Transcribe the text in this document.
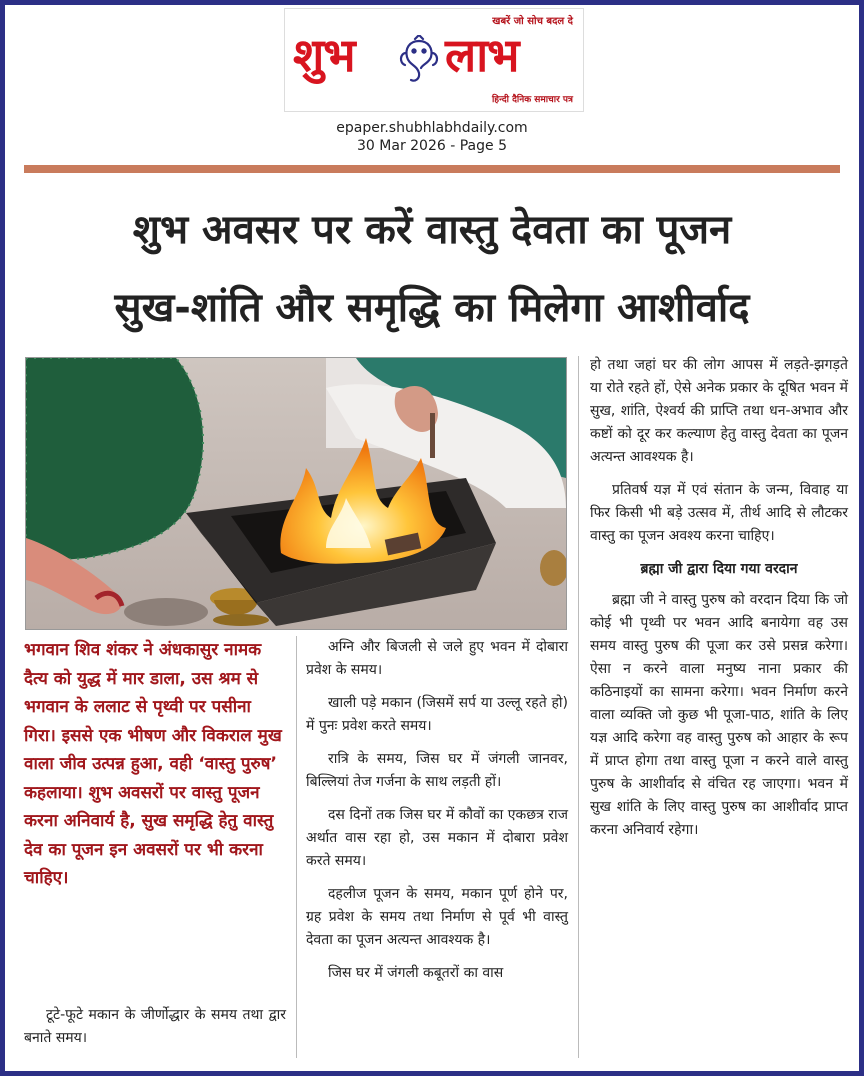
खबरें जो सोच बदल दे
शुभ लाभ
हिन्दी दैनिक समाचार पत्र
epaper.shubhlabhdaily.com
30 Mar 2026 - Page 5
शुभ अवसर पर करें वास्तु देवता का पूजन
सुख-शांति और समृद्धि का मिलेगा आशीर्वाद
भगवान शिव शंकर ने अंधकासुर नामक दैत्य को युद्ध में मार डाला, उस श्रम से भगवान के ललाट से पृथ्वी पर पसीना गिरा। इससे एक भीषण और विकराल मुख वाला जीव उत्पन्न हुआ, वही ‘वास्तु पुरुष’ कहलाया। शुभ अवसरों पर वास्तु पूजन करना अनिवार्य है, सुख समृद्धि हेतु वास्तु देव का पूजन इन अवसरों पर भी करना चाहिए।

टूटे-फूटे मकान के जीर्णोद्धार के समय तथा द्वार बनाते समय।

अग्नि और बिजली से जले हुए भवन में दोबारा प्रवेश के समय।

खाली पड़े मकान (जिसमें सर्प या उल्लू रहते हो) में पुनः प्रवेश करते समय।

रात्रि के समय, जिस घर में जंगली जानवर, बिल्लियां तेज गर्जना के साथ लड़ती हों।

दस दिनों तक जिस घर में कौवों का एकछत्र राज अर्थात वास रहा हो, उस मकान में दोबारा प्रवेश करते समय।

दहलीज पूजन के समय, मकान पूर्ण होने पर, ग्रह प्रवेश के समय तथा निर्माण से पूर्व भी वास्तु देवता का पूजन अत्यन्त आवश्यक है।

जिस घर में जंगली कबूतरों का वास

हो तथा जहां घर की लोग आपस में लड़ते-झगड़ते या रोते रहते हों, ऐसे अनेक प्रकार के दूषित भवन में सुख, शांति, ऐश्वर्य की प्राप्ति तथा धन-अभाव और कष्टों को दूर कर कल्याण हेतु वास्तु देवता का पूजन अत्यन्त आवश्यक है।

प्रतिवर्ष यज्ञ में एवं संतान के जन्म, विवाह या फिर किसी भी बड़े उत्सव में, तीर्थ आदि से लौटकर वास्तु का पूजन अवश्य करना चाहिए।

ब्रह्मा जी द्वारा दिया गया वरदान

ब्रह्मा जी ने वास्तु पुरुष को वरदान दिया कि जो कोई भी पृथ्वी पर भवन आदि बनायेगा वह उस समय वास्तु पुरुष की पूजा कर उसे प्रसन्न करेगा। ऐसा न करने वाला मनुष्य नाना प्रकार की कठिनाइयों का सामना करेगा। भवन निर्माण करने वाला व्यक्ति जो कुछ भी पूजा-पाठ, शांति के लिए यज्ञ आदि करेगा वह वास्तु पुरुष को आहार के रूप में प्राप्त होगा तथा वास्तु पूजा न करने वाले वास्तु पुरुष के आशीर्वाद से वंचित रह जाएगा। भवन में सुख शांति के लिए वास्तु पुरुष का आशीर्वाद प्राप्त करना अनिवार्य रहेगा।
